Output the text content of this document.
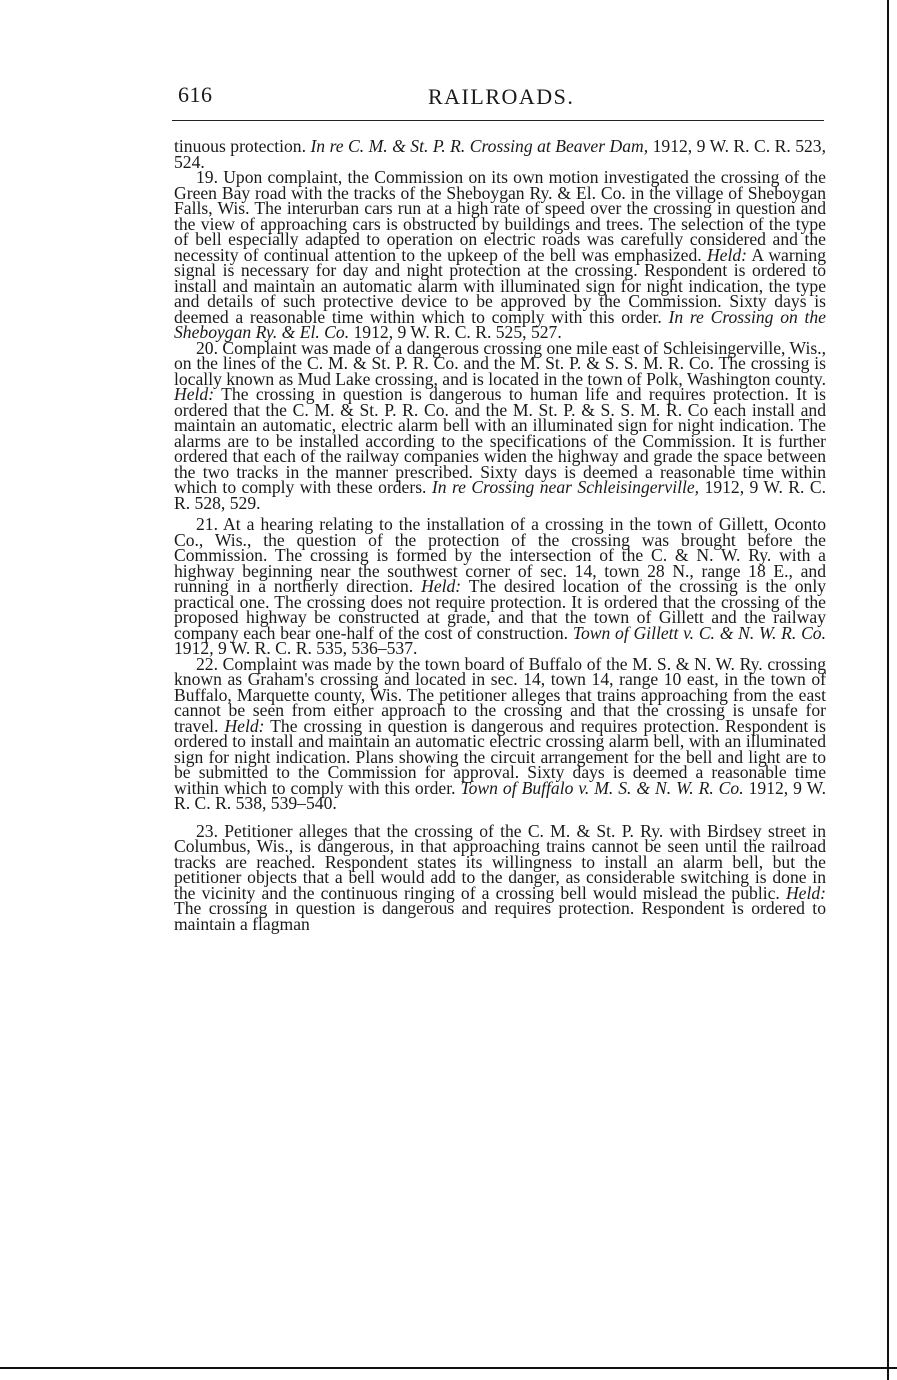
616	RAILROADS.

tinuous protection. In re C. M. & St. P. R. Crossing at Beaver Dam, 1912, 9 W. R. C. R. 523, 524.

19. Upon complaint, the Commission on its own motion investigated the crossing of the Green Bay road with the tracks of the Sheboygan Ry. & El. Co. in the village of Sheboygan Falls, Wis. The interurban cars run at a high rate of speed over the crossing in question and the view of approaching cars is obstructed by buildings and trees. The selection of the type of bell especially adapted to operation on electric roads was carefully considered and the necessity of continual attention to the upkeep of the bell was emphasized. Held: A warning signal is necessary for day and night protection at the crossing. Respondent is ordered to install and maintain an automatic alarm with illuminated sign for night indication, the type and details of such protective device to be approved by the Commission. Sixty days is deemed a reasonable time within which to comply with this order. In re Crossing on the Sheboygan Ry. & El. Co. 1912, 9 W. R. C. R. 525, 527.

20. Complaint was made of a dangerous crossing one mile east of Schleisingerville, Wis., on the lines of the C. M. & St. P. R. Co. and the M. St. P. & S. S. M. R. Co. The crossing is locally known as Mud Lake crossing, and is located in the town of Polk, Washington county. Held: The crossing in question is dangerous to human life and requires protection. It is ordered that the C. M. & St. P. R. Co. and the M. St. P. & S. S. M. R. Co each install and maintain an automatic, electric alarm bell with an illuminated sign for night indication. The alarms are to be installed according to the specifications of the Commission. It is further ordered that each of the railway companies widen the highway and grade the space between the two tracks in the manner prescribed. Sixty days is deemed a reasonable time within which to comply with these orders. In re Crossing near Schleisingerville, 1912, 9 W. R. C. R. 528, 529.

21. At a hearing relating to the installation of a crossing in the town of Gillett, Oconto Co., Wis., the question of the protection of the crossing was brought before the Commission. The crossing is formed by the intersection of the C. & N. W. Ry. with a highway beginning near the southwest corner of sec. 14, town 28 N., range 18 E., and running in a northerly direction. Held: The desired location of the crossing is the only practical one. The crossing does not require protection. It is ordered that the crossing of the proposed highway be constructed at grade, and that the town of Gillett and the railway company each bear one-half of the cost of construction. Town of Gillett v. C. & N. W. R. Co. 1912, 9 W. R. C. R. 535, 536–537.

22. Complaint was made by the town board of Buffalo of the M. S. & N. W. Ry. crossing known as Graham's crossing and located in sec. 14, town 14, range 10 east, in the town of Buffalo, Marquette county, Wis. The petitioner alleges that trains approaching from the east cannot be seen from either approach to the crossing and that the crossing is unsafe for travel. Held: The crossing in question is dangerous and requires protection. Respondent is ordered to install and maintain an automatic electric crossing alarm bell, with an illuminated sign for night indication. Plans showing the circuit arrangement for the bell and light are to be submitted to the Commission for approval. Sixty days is deemed a reasonable time within which to comply with this order. Town of Buffalo v. M. S. & N. W. R. Co. 1912, 9 W. R. C. R. 538, 539–540.

23. Petitioner alleges that the crossing of the C. M. & St. P. Ry. with Birdsey street in Columbus, Wis., is dangerous, in that approaching trains cannot be seen until the railroad tracks are reached. Respondent states its willingness to install an alarm bell, but the petitioner objects that a bell would add to the danger, as considerable switching is done in the vicinity and the continuous ringing of a crossing bell would mislead the public. Held: The crossing in question is dangerous and requires protection. Respondent is ordered to maintain a flagman
